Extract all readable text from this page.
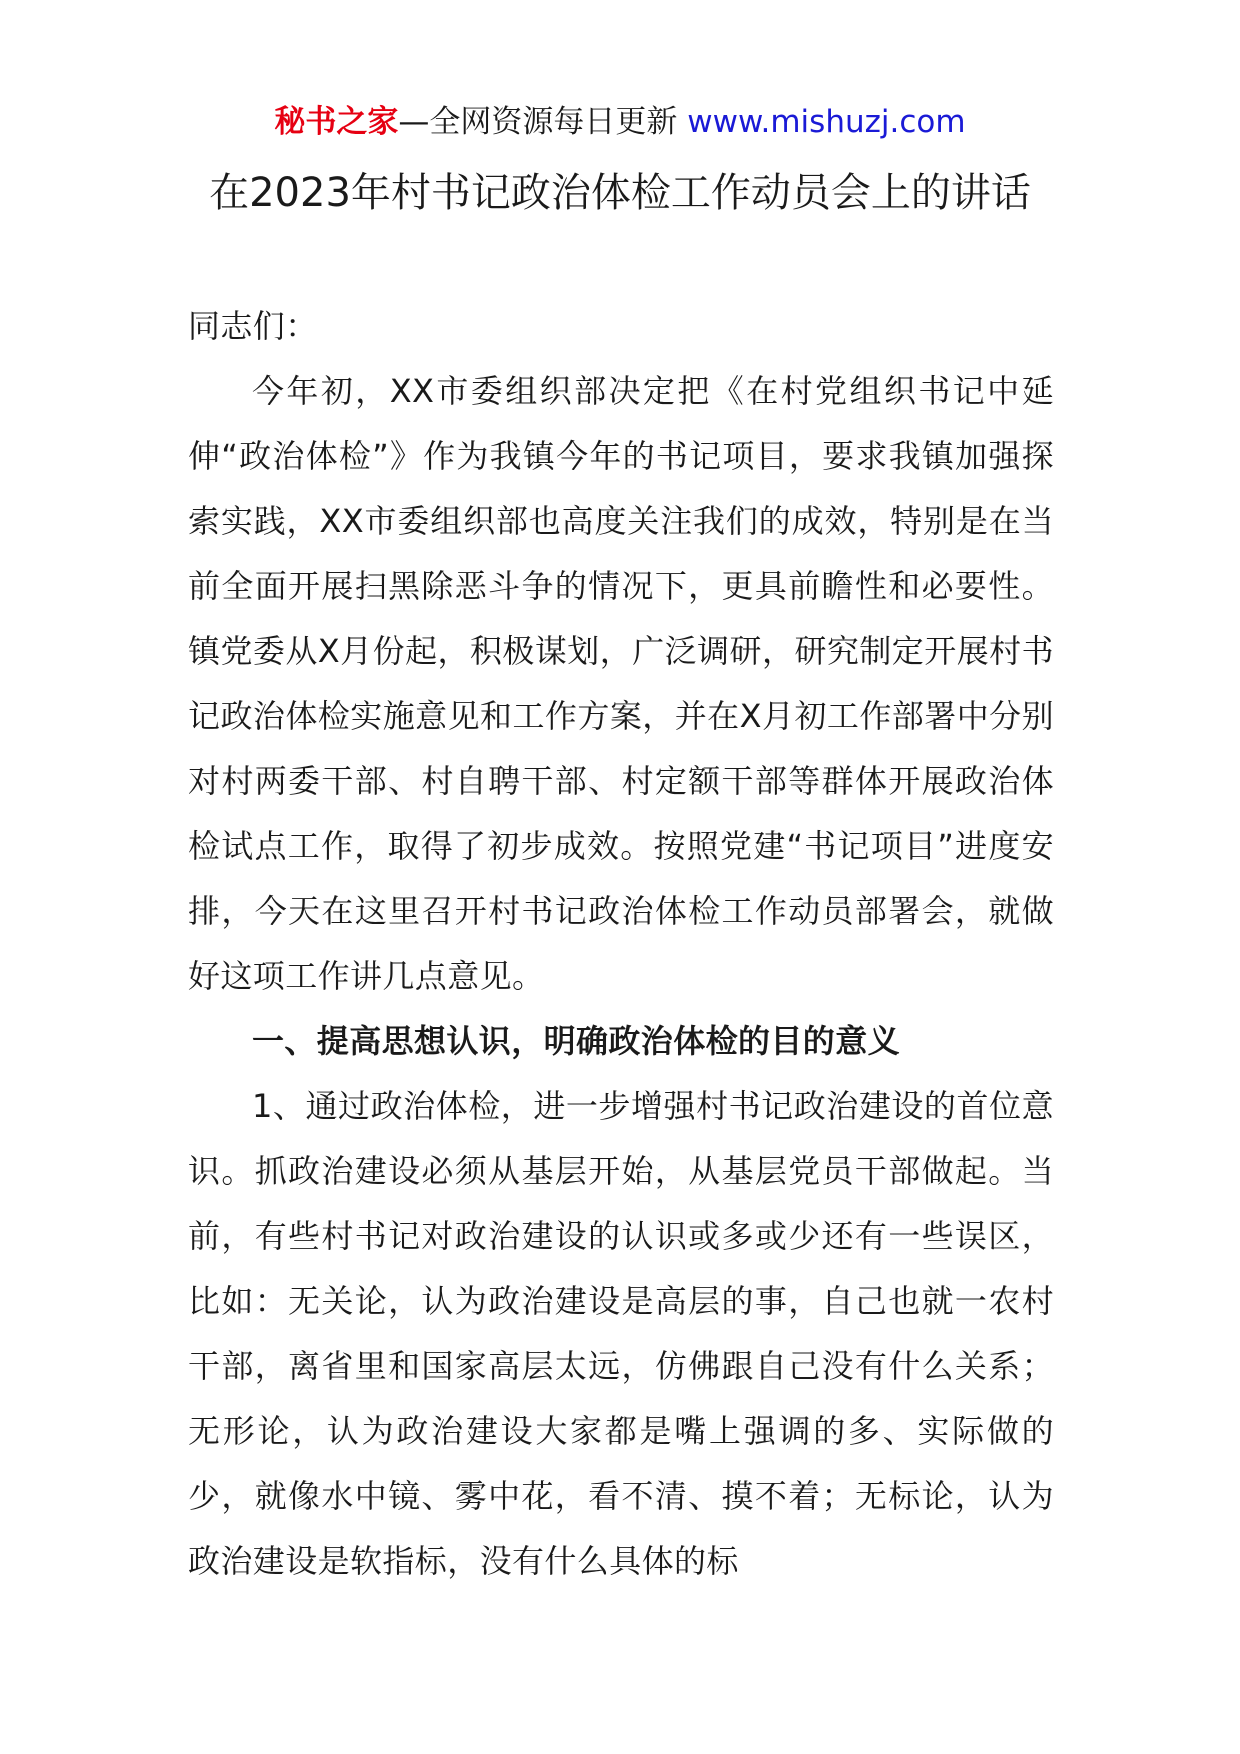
秘书之家—全网资源每日更新 www.mishuzj.com
在2023年村书记政治体检工作动员会上的讲话

同志们：

今年初，XX市委组织部决定把《在村党组织书记中延伸“政治体检”》作为我镇今年的书记项目，要求我镇加强探索实践，XX市委组织部也高度关注我们的成效，特别是在当前全面开展扫黑除恶斗争的情况下，更具前瞻性和必要性。镇党委从X月份起，积极谋划，广泛调研，研究制定开展村书记政治体检实施意见和工作方案，并在X月初工作部署中分别对村两委干部、村自聘干部、村定额干部等群体开展政治体检试点工作，取得了初步成效。按照党建“书记项目”进度安排，今天在这里召开村书记政治体检工作动员部署会，就做好这项工作讲几点意见。

一、提高思想认识，明确政治体检的目的意义

1、通过政治体检，进一步增强村书记政治建设的首位意识。抓政治建设必须从基层开始，从基层党员干部做起。当前，有些村书记对政治建设的认识或多或少还有一些误区，比如：无关论，认为政治建设是高层的事，自己也就一农村干部，离省里和国家高层太远，仿佛跟自己没有什么关系；无形论，认为政治建设大家都是嘴上强调的多、实际做的少，就像水中镜、雾中花，看不清、摸不着；无标论，认为政治建设是软指标，没有什么具体的标
